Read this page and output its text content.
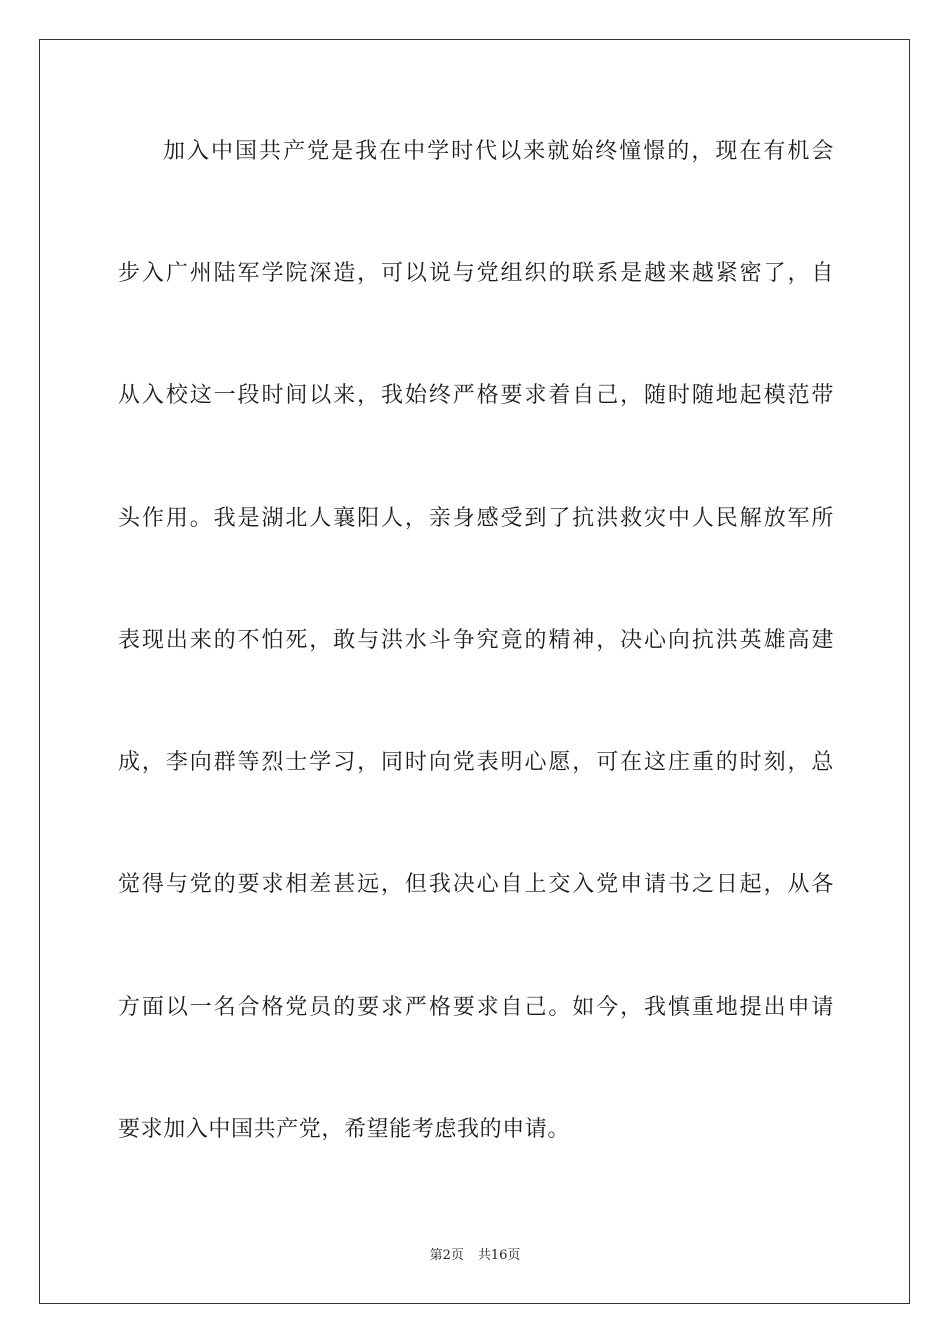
加入中国共产党是我在中学时代以来就始终憧憬的，现在有机会
步入广州陆军学院深造，可以说与党组织的联系是越来越紧密了，自
从入校这一段时间以来，我始终严格要求着自己，随时随地起模范带
头作用。我是湖北人襄阳人，亲身感受到了抗洪救灾中人民解放军所
表现出来的不怕死，敢与洪水斗争究竟的精神，决心向抗洪英雄高建
成，李向群等烈士学习，同时向党表明心愿，可在这庄重的时刻，总
觉得与党的要求相差甚远，但我决心自上交入党申请书之日起，从各
方面以一名合格党员的要求严格要求自己。如今，我慎重地提出申请
要求加入中国共产党，希望能考虑我的申请。
第2页 共16页
